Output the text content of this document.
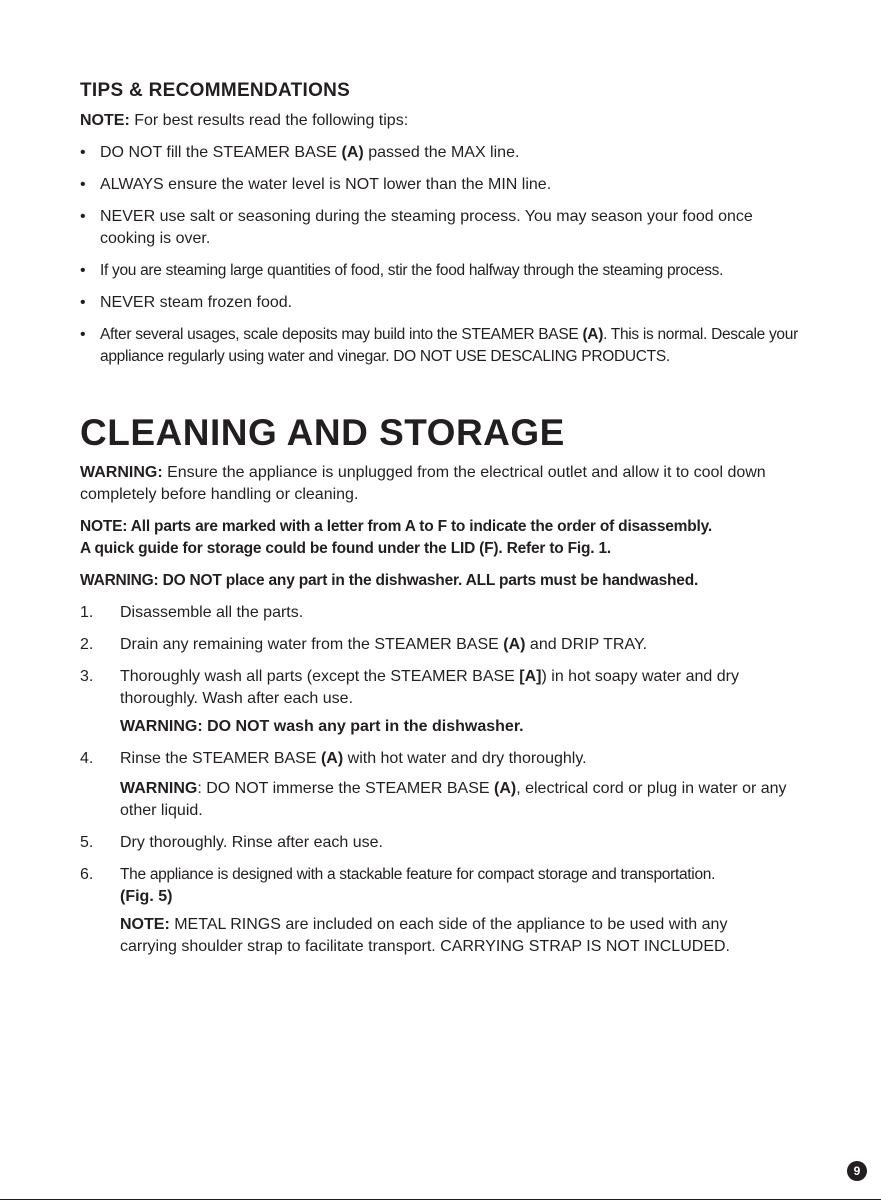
TIPS & RECOMMENDATIONS

NOTE: For best results read the following tips:

• DO NOT fill the STEAMER BASE (A) passed the MAX line.
• ALWAYS ensure the water level is NOT lower than the MIN line.
• NEVER use salt or seasoning during the steaming process. You may season your food once cooking is over.
• If you are steaming large quantities of food, stir the food halfway through the steaming process.
• NEVER steam frozen food.
• After several usages, scale deposits may build into the STEAMER BASE (A). This is normal. Descale your appliance regularly using water and vinegar. DO NOT USE DESCALING PRODUCTS.
CLEANING AND STORAGE

WARNING: Ensure the appliance is unplugged from the electrical outlet and allow it to cool down completely before handling or cleaning.

NOTE: All parts are marked with a letter from A to F to indicate the order of disassembly.

A quick guide for storage could be found under the LID (F). Refer to Fig. 1.

WARNING: DO NOT place any part in the dishwasher. ALL parts must be handwashed.

1. Disassemble all the parts.
2. Drain any remaining water from the STEAMER BASE (A) and DRIP TRAY.
3. Thoroughly wash all parts (except the STEAMER BASE [A]) in hot soapy water and dry thoroughly. Wash after each use.
WARNING: DO NOT wash any part in the dishwasher.
4. Rinse the STEAMER BASE (A) with hot water and dry thoroughly.
WARNING: DO NOT immerse the STEAMER BASE (A), electrical cord or plug in water or any other liquid.
5. Dry thoroughly. Rinse after each use.
6. The appliance is designed with a stackable feature for compact storage and transportation.
(Fig. 5)
NOTE: METAL RINGS are included on each side of the appliance to be used with any carrying shoulder strap to facilitate transport. CARRYING STRAP IS NOT INCLUDED.
9
